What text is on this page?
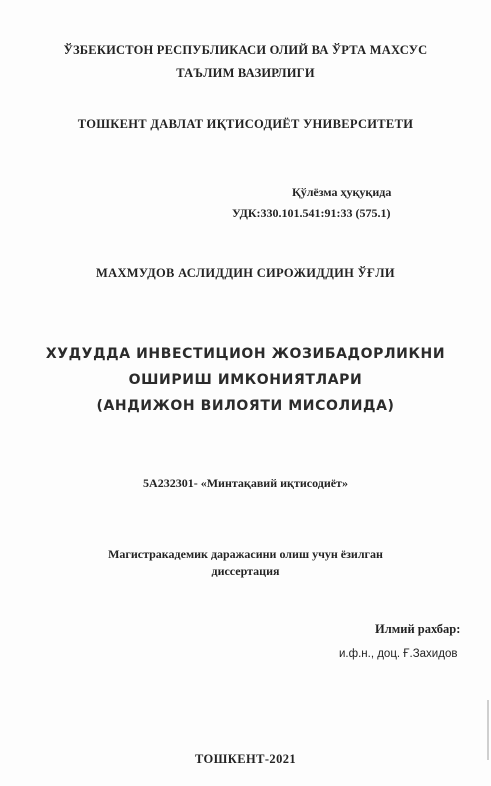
ЎЗБЕКИСТОН РЕСПУБЛИКАСИ ОЛИЙ ВА ЎРТА МАХСУС
ТАЪЛИМ ВАЗИРЛИГИ
ТОШКЕНТ ДАВЛАТ ИҚТИСОДИЁТ УНИВЕРСИТЕТИ
Қўлёзма ҳуқуқида
УДК:330.101.541:91:33 (575.1)
МАХМУДОВ АСЛИДДИН СИРОЖИДДИН ЎҒЛИ
ХУДУДДА ИНВЕСТИЦИОН ЖОЗИБАДОРЛИКНИ
ОШИРИШ ИМКОНИЯТЛАРИ
(АНДИЖОН ВИЛОЯТИ МИСОЛИДА)
5А232301- «Минтақавий иқтисодиёт»
Магистракадемик даражасини олиш учун ёзилган
диссертация
Илмий рахбар:
и.ф.н., доц. Ғ.Захидов
ТОШКЕНТ-2021
